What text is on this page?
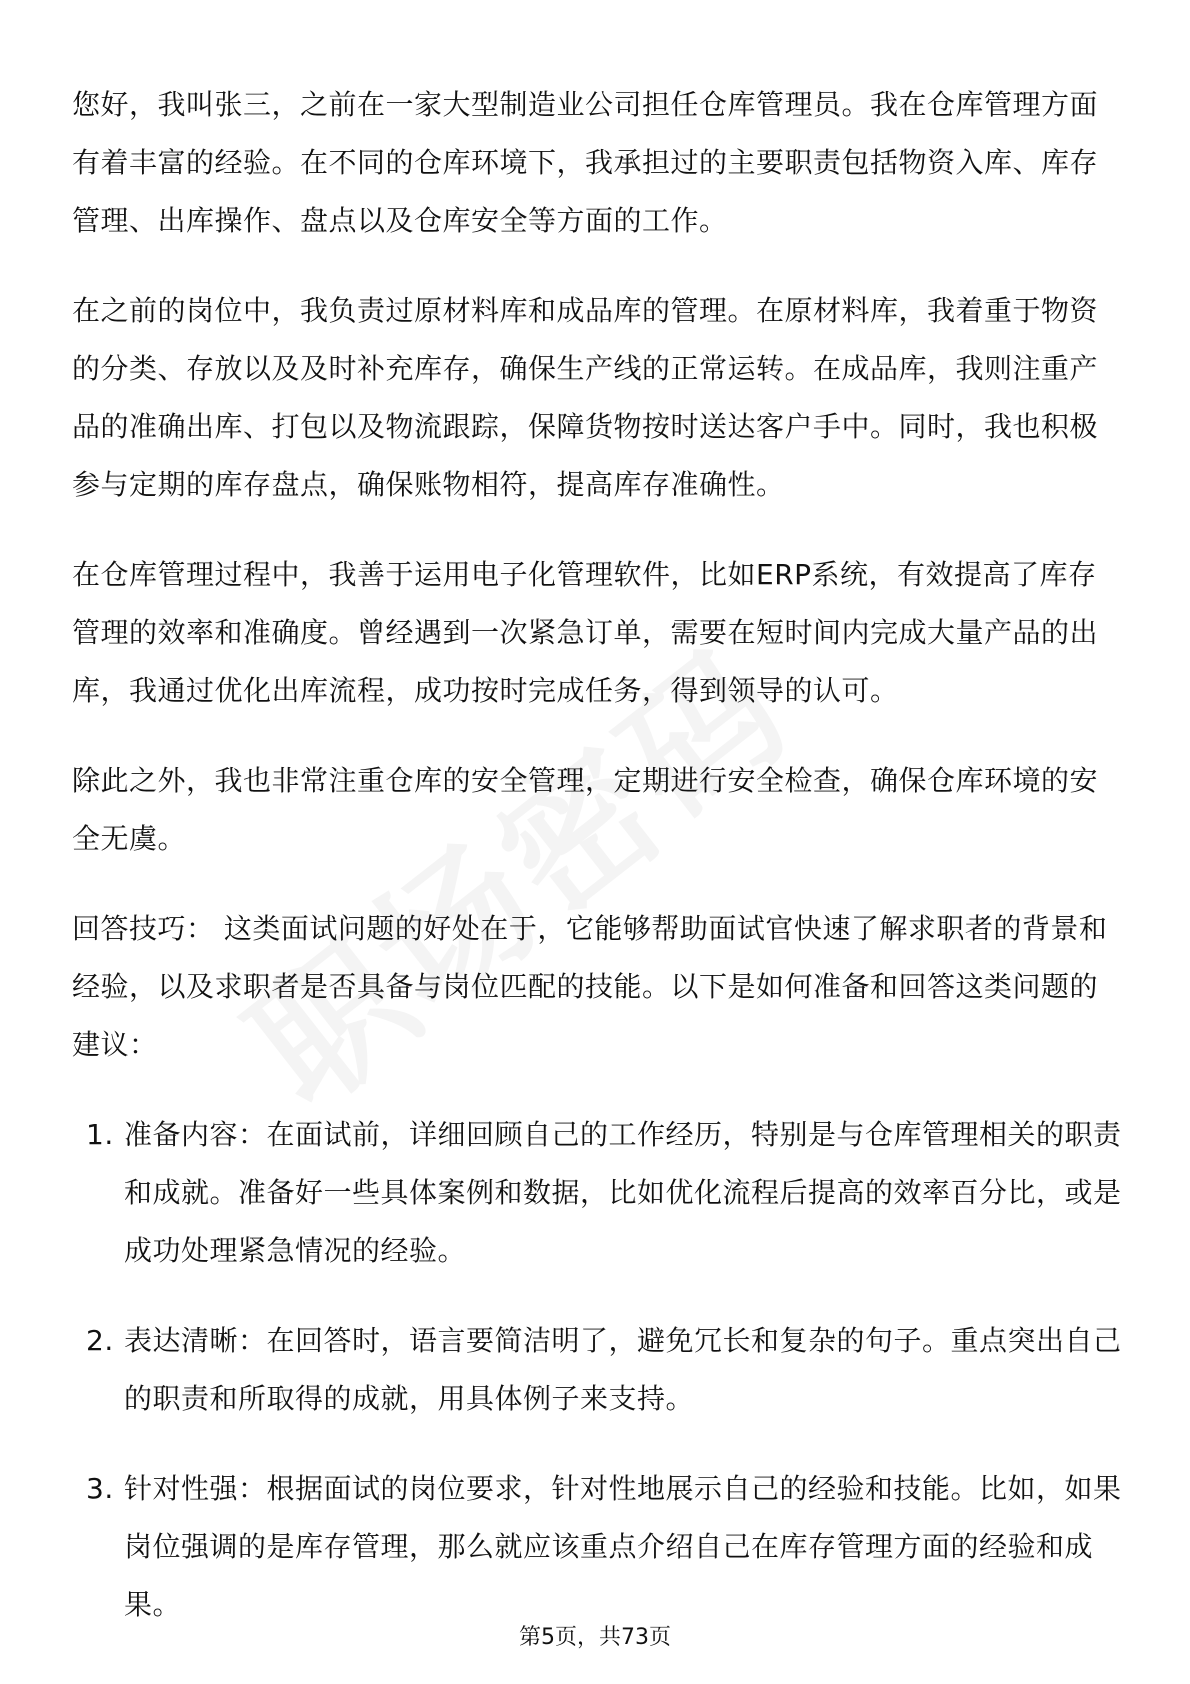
您好，我叫张三，之前在一家大型制造业公司担任仓库管理员。我在仓库管理方面有着丰富的经验。在不同的仓库环境下，我承担过的主要职责包括物资入库、库存管理、出库操作、盘点以及仓库安全等方面的工作。

在之前的岗位中，我负责过原材料库和成品库的管理。在原材料库，我着重于物资的分类、存放以及及时补充库存，确保生产线的正常运转。在成品库，我则注重产品的准确出库、打包以及物流跟踪，保障货物按时送达客户手中。同时，我也积极参与定期的库存盘点，确保账物相符，提高库存准确性。

在仓库管理过程中，我善于运用电子化管理软件，比如ERP系统，有效提高了库存管理的效率和准确度。曾经遇到一次紧急订单，需要在短时间内完成大量产品的出库，我通过优化出库流程，成功按时完成任务，得到领导的认可。

除此之外，我也非常注重仓库的安全管理，定期进行安全检查，确保仓库环境的安全无虞。

回答技巧： 这类面试问题的好处在于，它能够帮助面试官快速了解求职者的背景和经验，以及求职者是否具备与岗位匹配的技能。以下是如何准备和回答这类问题的建议：

1. 准备内容：在面试前，详细回顾自己的工作经历，特别是与仓库管理相关的职责和成就。准备好一些具体案例和数据，比如优化流程后提高的效率百分比，或是成功处理紧急情况的经验。
2. 表达清晰：在回答时，语言要简洁明了，避免冗长和复杂的句子。重点突出自己的职责和所取得的成就，用具体例子来支持。
3. 针对性强：根据面试的岗位要求，针对性地展示自己的经验和技能。比如，如果岗位强调的是库存管理，那么就应该重点介绍自己在库存管理方面的经验和成果。
第5页，共73页
